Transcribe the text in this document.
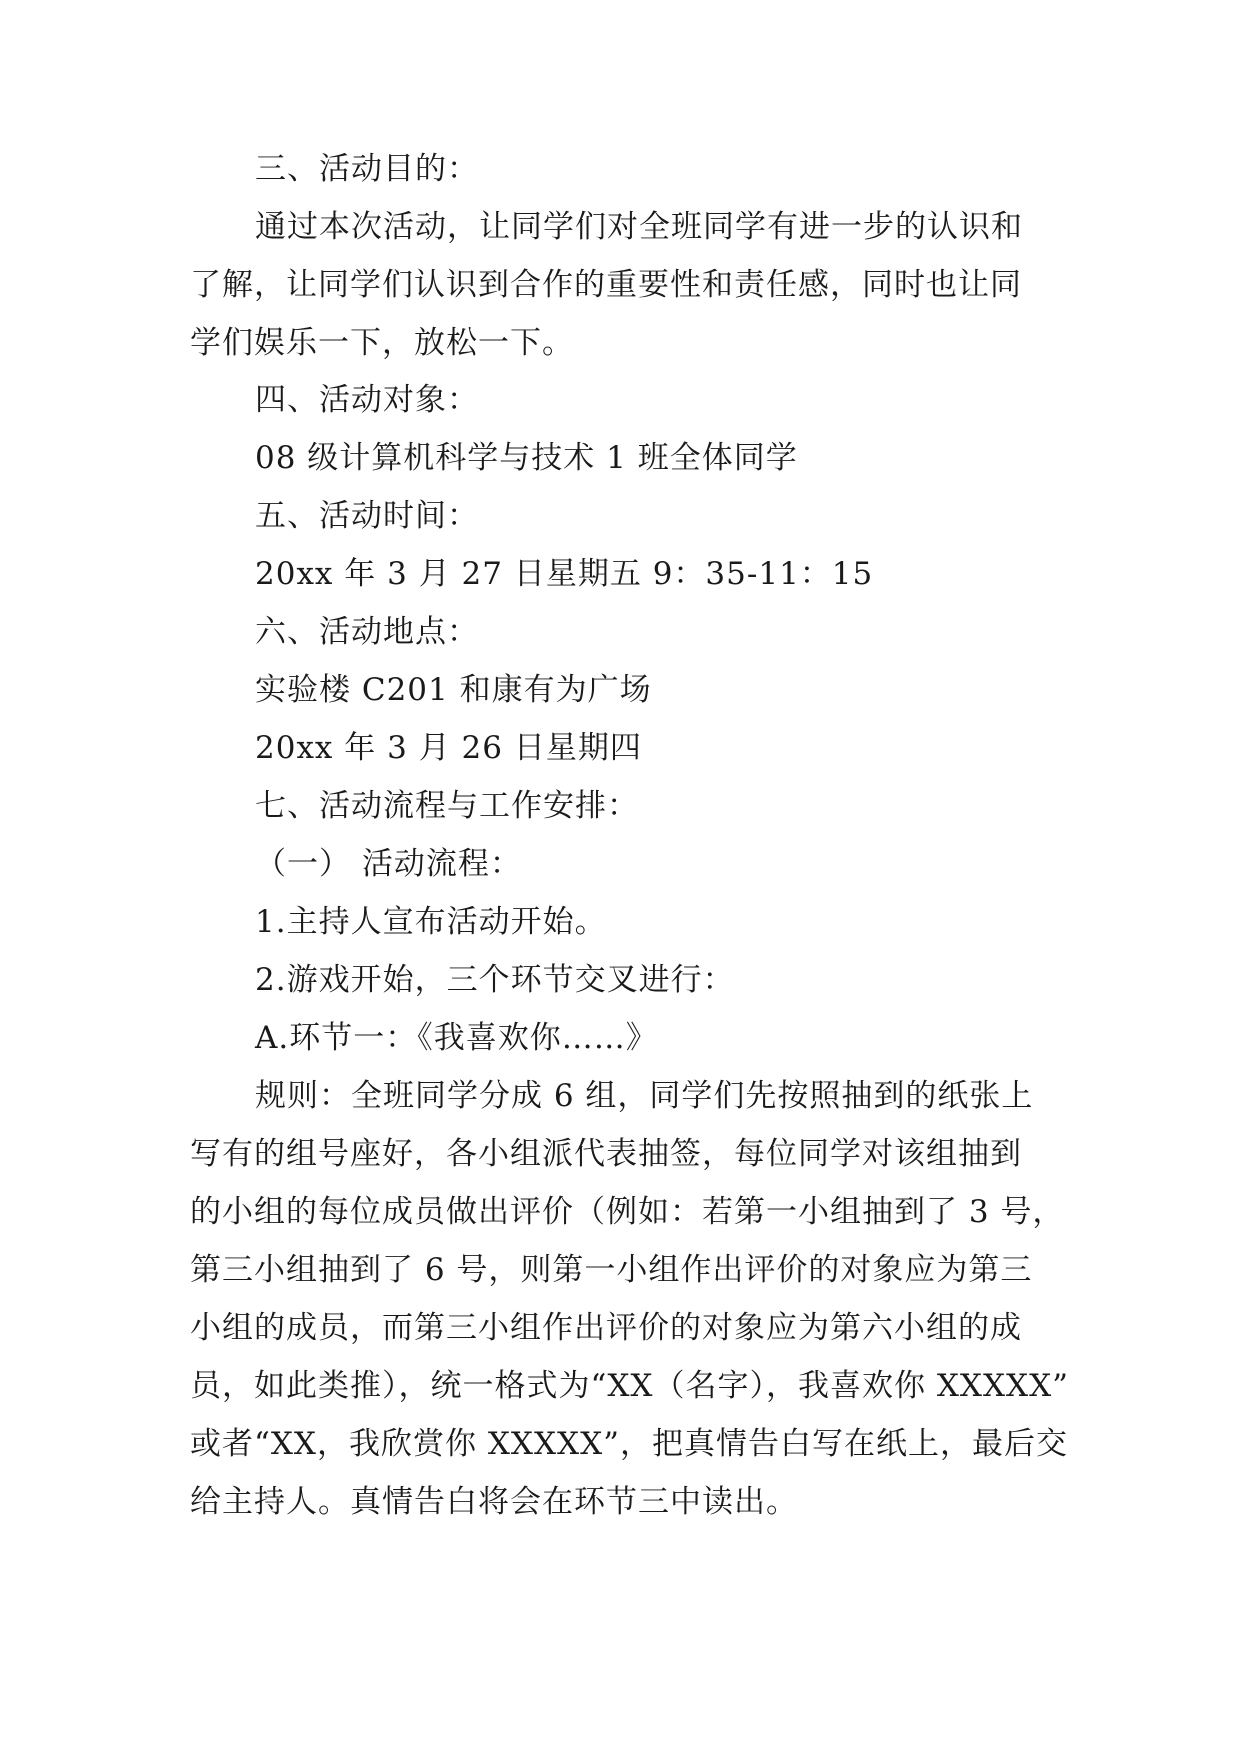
三、活动目的：
通过本次活动，让同学们对全班同学有进一步的认识和
了解，让同学们认识到合作的重要性和责任感，同时也让同
学们娱乐一下，放松一下。
四、活动对象：
08 级计算机科学与技术 1 班全体同学
五、活动时间：
20xx 年 3 月 27 日星期五 9：35-11：15
六、活动地点：
实验楼 C201 和康有为广场
20xx 年 3 月 26 日星期四
七、活动流程与工作安排：
（一） 活动流程：
1.主持人宣布活动开始。
2.游戏开始，三个环节交叉进行：
A.环节一：《我喜欢你……》
规则：全班同学分成 6 组，同学们先按照抽到的纸张上
写有的组号座好，各小组派代表抽签，每位同学对该组抽到
的小组的每位成员做出评价（例如：若第一小组抽到了 3 号，
第三小组抽到了 6 号，则第一小组作出评价的对象应为第三
小组的成员，而第三小组作出评价的对象应为第六小组的成
员，如此类推），统一格式为“XX（名字），我喜欢你 XXXXX”
或者“XX，我欣赏你 XXXXX”，把真情告白写在纸上，最后交
给主持人。真情告白将会在环节三中读出。
